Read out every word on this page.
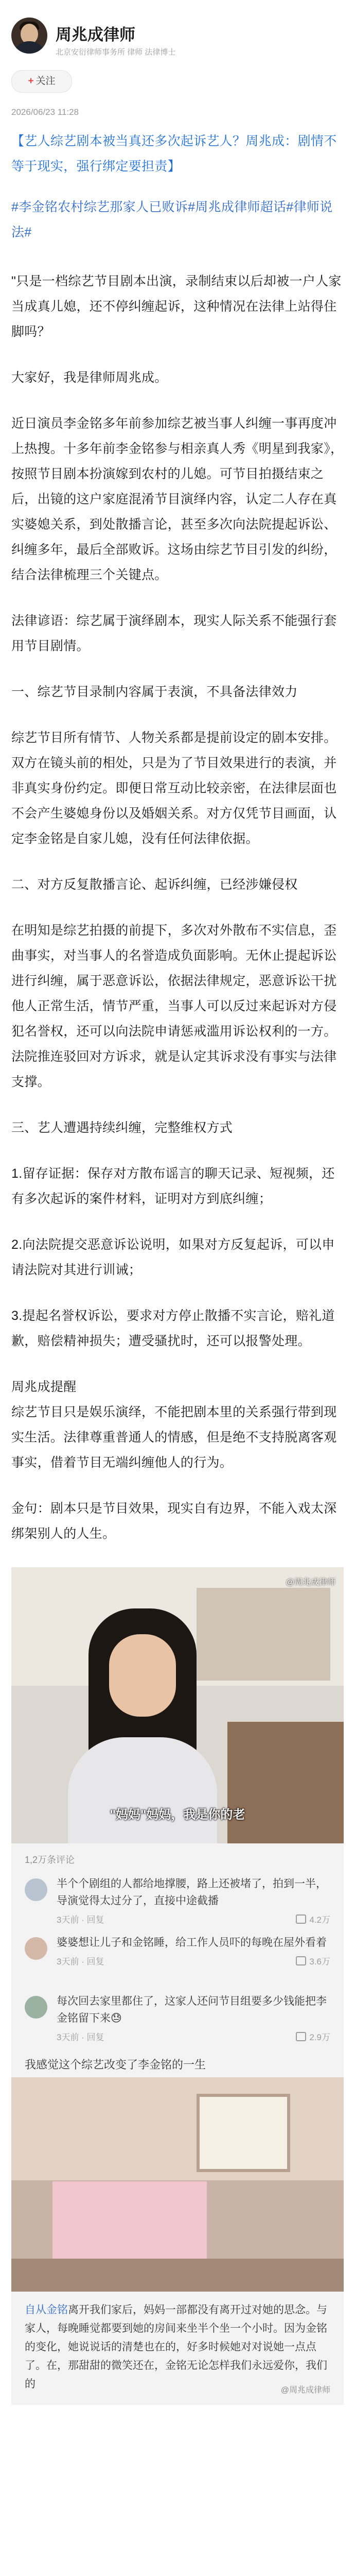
周兆成律师
北京安衍律师事务所 律师 法律博士
+ 关注
2026/06/23 11:28

【艺人综艺剧本被当真还多次起诉艺人？周兆成：剧情不等于现实，强行绑定要担责】

#李金铭农村综艺那家人已败诉#周兆成律师超话#律师说法#

"只是一档综艺节目剧本出演，录制结束以后却被一户人家当成真儿媳，还不停纠缠起诉，这种情况在法律上站得住脚吗？

大家好，我是律师周兆成。

近日演员李金铭多年前参加综艺被当事人纠缠一事再度冲上热搜。十多年前李金铭参与相亲真人秀《明星到我家》，按照节目剧本扮演嫁到农村的儿媳。可节目拍摄结束之后，出镜的这户家庭混淆节目演绎内容，认定二人存在真实婆媳关系，到处散播言论，甚至多次向法院提起诉讼、纠缠多年，最后全部败诉。这场由综艺节目引发的纠纷，结合法律梳理三个关键点。

法律谚语：综艺属于演绎剧本，现实人际关系不能强行套用节目剧情。

一、综艺节目录制内容属于表演，不具备法律效力

综艺节目所有情节、人物关系都是提前设定的剧本安排。双方在镜头前的相处，只是为了节目效果进行的表演，并非真实身份约定。即便日常互动比较亲密，在法律层面也不会产生婆媳身份以及婚姻关系。对方仅凭节目画面，认定李金铭是自家儿媳，没有任何法律依据。

二、对方反复散播言论、起诉纠缠，已经涉嫌侵权

在明知是综艺拍摄的前提下，多次对外散布不实信息，歪曲事实，对当事人的名誉造成负面影响。无休止提起诉讼进行纠缠，属于恶意诉讼，依据法律规定，恶意诉讼干扰他人正常生活，情节严重，当事人可以反过来起诉对方侵犯名誉权，还可以向法院申请惩戒滥用诉讼权利的一方。法院推连驳回对方诉求，就是认定其诉求没有事实与法律支撑。

三、艺人遭遇持续纠缠，完整维权方式

1.留存证据：保存对方散布谣言的聊天记录、短视频，还有多次起诉的案件材料，证明对方到底纠缠；

2.向法院提交恶意诉讼说明，如果对方反复起诉，可以申请法院对其进行训诫；

3.提起名誉权诉讼，要求对方停止散播不实言论，赔礼道歉，赔偿精神损失；遭受骚扰时，还可以报警处理。

周兆成提醒

综艺节目只是娱乐演绎，不能把剧本里的关系强行带到现实生活。法律尊重普通人的情感，但是绝不支持脱离客观事实，借着节目无端纠缠他人的行为。

金句：剧本只是节目效果，现实自有边界，不能入戏太深绑架别人的人生。

"妈妈"妈妈，我是你的老
@周兆成律师
1,2万条评论
半个个剧组的人都给地撑腰，路上还被堵了，拍到一半，导演觉得太过分了，直接中途截播
3天前 · 回复	4.2万
婆婆想让儿子和金铭睡，给工作人员吓的每晚在屋外看着
3天前 · 回复	3.6万
每次回去家里都住了，这家人还问节目组要多少钱能把李金铭留下来😓
3天前 · 回复	2.9万
我感觉这个综艺改变了李金铭的一生
自从金铭离开我们家后，妈妈一部都没有离开过对她的思念。与家人，每晚睡觉都要到她的房间来坐半个坐一个小时。因为金铭的变化，她说说话的清楚也在的，好多时候她对对说她一点点了。在，那甜甜的微笑还在，金铭无论怎样我们永远爱你，我们的
@周兆成律师
